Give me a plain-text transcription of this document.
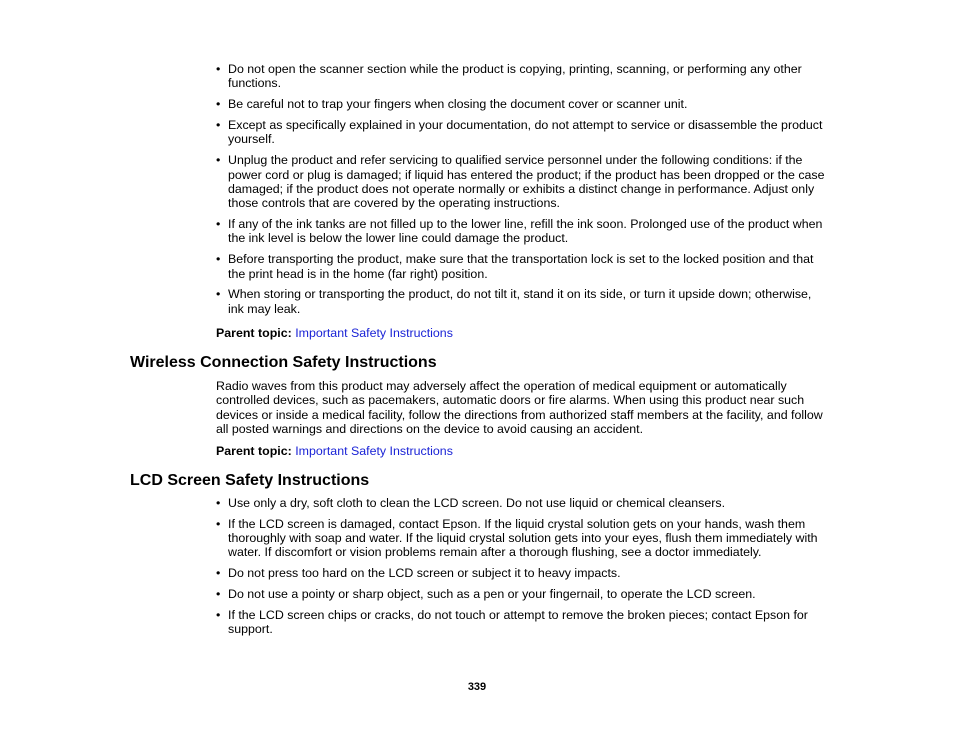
• Do not open the scanner section while the product is copying, printing, scanning, or performing any other functions.
• Be careful not to trap your fingers when closing the document cover or scanner unit.
• Except as specifically explained in your documentation, do not attempt to service or disassemble the product yourself.
• Unplug the product and refer servicing to qualified service personnel under the following conditions: if the power cord or plug is damaged; if liquid has entered the product; if the product has been dropped or the case damaged; if the product does not operate normally or exhibits a distinct change in performance. Adjust only those controls that are covered by the operating instructions.
• If any of the ink tanks are not filled up to the lower line, refill the ink soon. Prolonged use of the product when the ink level is below the lower line could damage the product.
• Before transporting the product, make sure that the transportation lock is set to the locked position and that the print head is in the home (far right) position.
• When storing or transporting the product, do not tilt it, stand it on its side, or turn it upside down; otherwise, ink may leak.
Parent topic: Important Safety Instructions
Wireless Connection Safety Instructions

Radio waves from this product may adversely affect the operation of medical equipment or automatically controlled devices, such as pacemakers, automatic doors or fire alarms. When using this product near such devices or inside a medical facility, follow the directions from authorized staff members at the facility, and follow all posted warnings and directions on the device to avoid causing an accident.

Parent topic: Important Safety Instructions
LCD Screen Safety Instructions
• Use only a dry, soft cloth to clean the LCD screen. Do not use liquid or chemical cleansers.
• If the LCD screen is damaged, contact Epson. If the liquid crystal solution gets on your hands, wash them thoroughly with soap and water. If the liquid crystal solution gets into your eyes, flush them immediately with water. If discomfort or vision problems remain after a thorough flushing, see a doctor immediately.
• Do not press too hard on the LCD screen or subject it to heavy impacts.
• Do not use a pointy or sharp object, such as a pen or your fingernail, to operate the LCD screen.
• If the LCD screen chips or cracks, do not touch or attempt to remove the broken pieces; contact Epson for support.
339
